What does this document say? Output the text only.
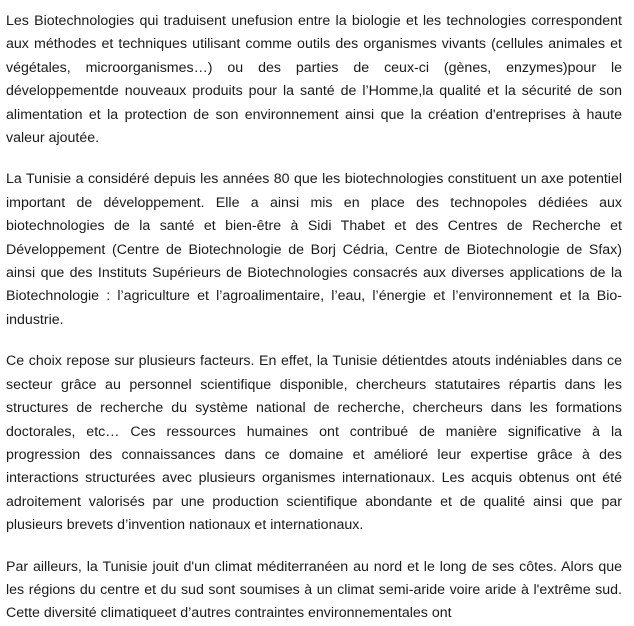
Les Biotechnologies qui traduisent unefusion entre la biologie et les technologies correspondent aux méthodes et techniques utilisant comme outils des organismes vivants (cellules animales et végétales, microorganismes…) ou des parties de ceux-ci (gènes, enzymes)pour le développementde nouveaux produits pour la santé de l’Homme,la qualité et la sécurité de son alimentation et la protection de son environnement ainsi que la création d'entreprises à haute valeur ajoutée.

La Tunisie a considéré depuis les années 80 que les biotechnologies constituent un axe potentiel important de développement. Elle a ainsi mis en place des technopoles dédiées aux biotechnologies de la santé et bien-être à Sidi Thabet et des Centres de Recherche et Développement (Centre de Biotechnologie de Borj Cédria, Centre de Biotechnologie de Sfax) ainsi que des Instituts Supérieurs de Biotechnologies consacrés aux diverses applications de la Biotechnologie : l’agriculture et l’agroalimentaire, l’eau, l’énergie et l’environnement et la Bio-industrie.

Ce choix repose sur plusieurs facteurs. En effet, la Tunisie détientdes atouts indéniables dans ce secteur grâce au personnel scientifique disponible, chercheurs statutaires répartis dans les structures de recherche du système national de recherche, chercheurs dans les formations doctorales, etc… Ces ressources humaines ont contribué de manière significative à la progression des connaissances dans ce domaine et amélioré leur expertise grâce à des interactions structurées avec plusieurs organismes internationaux. Les acquis obtenus ont été adroitement valorisés par une production scientifique abondante et de qualité ainsi que par plusieurs brevets d’invention nationaux et internationaux.

Par ailleurs, la Tunisie jouit d'un climat méditerranéen au nord et le long de ses côtes. Alors que les régions du centre et du sud sont soumises à un climat semi-aride voire aride à l'extrême sud. Cette diversité climatiqueet d’autres contraintes environnementales ont
